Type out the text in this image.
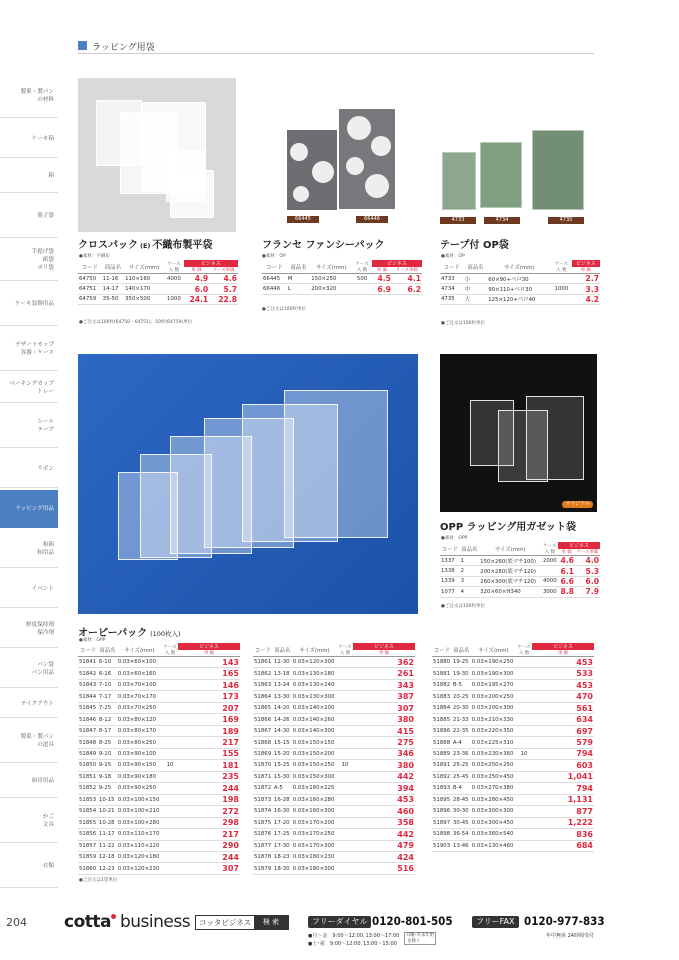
ラッピング用袋
製菓・製パン
の材料
ケーキ箱
箱
菓子袋
手提げ袋
紙袋
ポリ袋
ケーキ装飾用品
デザートカップ
容器・ケース
ベーキングカップ
トレー
シール
テープ
リボン
ラッピング用品
和箱
和用品
イベント
鮮度保持剤
保冷剤
パン袋
パン用品
テイクアウト
製菓・製パン
の道具
厨房用品
かご
文具
衣類
66445	66446	4733	4734	4735
クロスパック (E) 不織布製平袋
●素材：不織布
コード	商品名	サイズ(mm)	ケース
入 数	ビジネス	
				単 価	ケース単価
64750	11-16	110×160	4000	4.9	4.6
64751	14-17	140×170		6.0	5.7
64759	35-50	350×500	1000	24.1	22.8
●ご注文は100枚(64750・64751)、50枚(64759)単位
フランセ ファンシーパック
●素材：OP
コード	商品名	サイズ(mm)	ケース
入 数	ビジネス	
				単 価	ケース単価
66445	M	150×250	500	4.5	4.1
66446	L	200×320		6.9	6.2
●ご注文は100枚単位
テープ付 OP袋
●素材：OP
コード	商品名	サイズ(mm)	ケース
入 数	ビジネス
				単 価
4733	小	60×90+ベロ30		2.7
4734	中	90×110+ベロ30	1000	3.3
4735	大	125×120+ベロ40		4.2
●ご注文は100枚単位
オリジナル
OPP ラッピング用ガゼット袋
●素材：OPP
コード	商品名	サイズ(mm)	ケース
入 数	ビジネス	
				単 価	ケース単価
1337	1	150×260(底マチ100)	2000	4.6	4.0
1338	2	200×280(底マチ120)		6.1	5.3
1339	3	260×300(底マチ120)	4000	6.6	6.0
1077	4	320×60×H340	3000	8.8	7.9
●ご注文は100枚単位
オーピーパック (100枚入)
●素材：OPP
コード	商品名	サイズ(mm)	ケース
入 数	ビジネス
				単 価
51841	6-10	0.03×60×100		143
51842	6-16	0.03×60×160		165
51843	7-10	0.03×70×100		146
51844	7-17	0.03×70×170		173
51845	7-25	0.03×70×250		207
51846	8-12	0.03×80×120		169
51847	8-17	0.03×80×170		189
51848	8-25	0.03×80×250		217
51849	9-10	0.03×90×100		155
51850	9-15	0.03×90×150	10	181
51851	9-18	0.03×90×180		235
51852	9-25	0.03×90×250		244
51853	10-15	0.03×100×150		198
51854	10-21	0.03×100×210		272
51855	10-28	0.03×100×280		298
51856	11-17	0.03×110×170		217
51857	11-22	0.03×110×220		290
51859	12-18	0.03×120×180		244
51860	12-23	0.03×120×230		307
コード	商品名	サイズ(mm)	ケース
入 数	ビジネス
				単 価
51861	12-30	0.03×120×300		362
51862	13-18	0.03×130×180		261
51863	13-24	0.03×130×240		343
51864	13-30	0.03×130×300		387
51865	14-20	0.03×140×200		307
51866	14-26	0.03×140×260		380
51867	14-30	0.03×140×300		415
51868	15-15	0.03×150×150		275
51869	15-20	0.03×150×200		346
51870	15-25	0.03×150×250	10	380
51871	15-30	0.03×150×300		442
51872	A-5	0.03×160×225		394
51873	16-28	0.03×160×280		453
51874	16-30	0.03×160×300		460
51875	17-20	0.03×170×200		358
51876	17-25	0.03×170×250		442
51877	17-30	0.03×170×300		479
51878	18-23	0.03×180×230		424
51879	18-30	0.03×180×300		516
コード	商品名	サイズ(mm)	ケース
入 数	ビジネス
				単 価
51880	19-25	0.03×190×250		453
51881	19-30	0.03×190×300		533
51882	B-5	0.03×195×270		453
51883	20-25	0.03×200×250		470
51884	20-30	0.03×200×300		561
51885	21-33	0.03×210×330		634
51886	22-35	0.03×220×350		697
51888	A-4	0.03×225×310		579
51889	23-36	0.03×230×360	10	794
51891	25-25	0.03×250×250		603
51892	25-45	0.03×250×450		1,041
51893	B-4	0.03×270×380		794
51895	28-45	0.03×280×450		1,131
51896	30-30	0.03×300×300		877
51897	30-45	0.03×300×450		1,222
51898	36-54	0.03×360×540		836
51903	13-46	0.03×130×460		684
●ご注文は1袋単位
204 cotta business	コッタビジネス	検 索	フリーダイヤル 0120-801-505	フリーFAX 0120-977-833
●月～金　9:00～12:00､13:00～17:00
●土･祝　9:00～12:00､13:00～15:00
日曜･年末年始
を除く
年中無休 24時間受付
